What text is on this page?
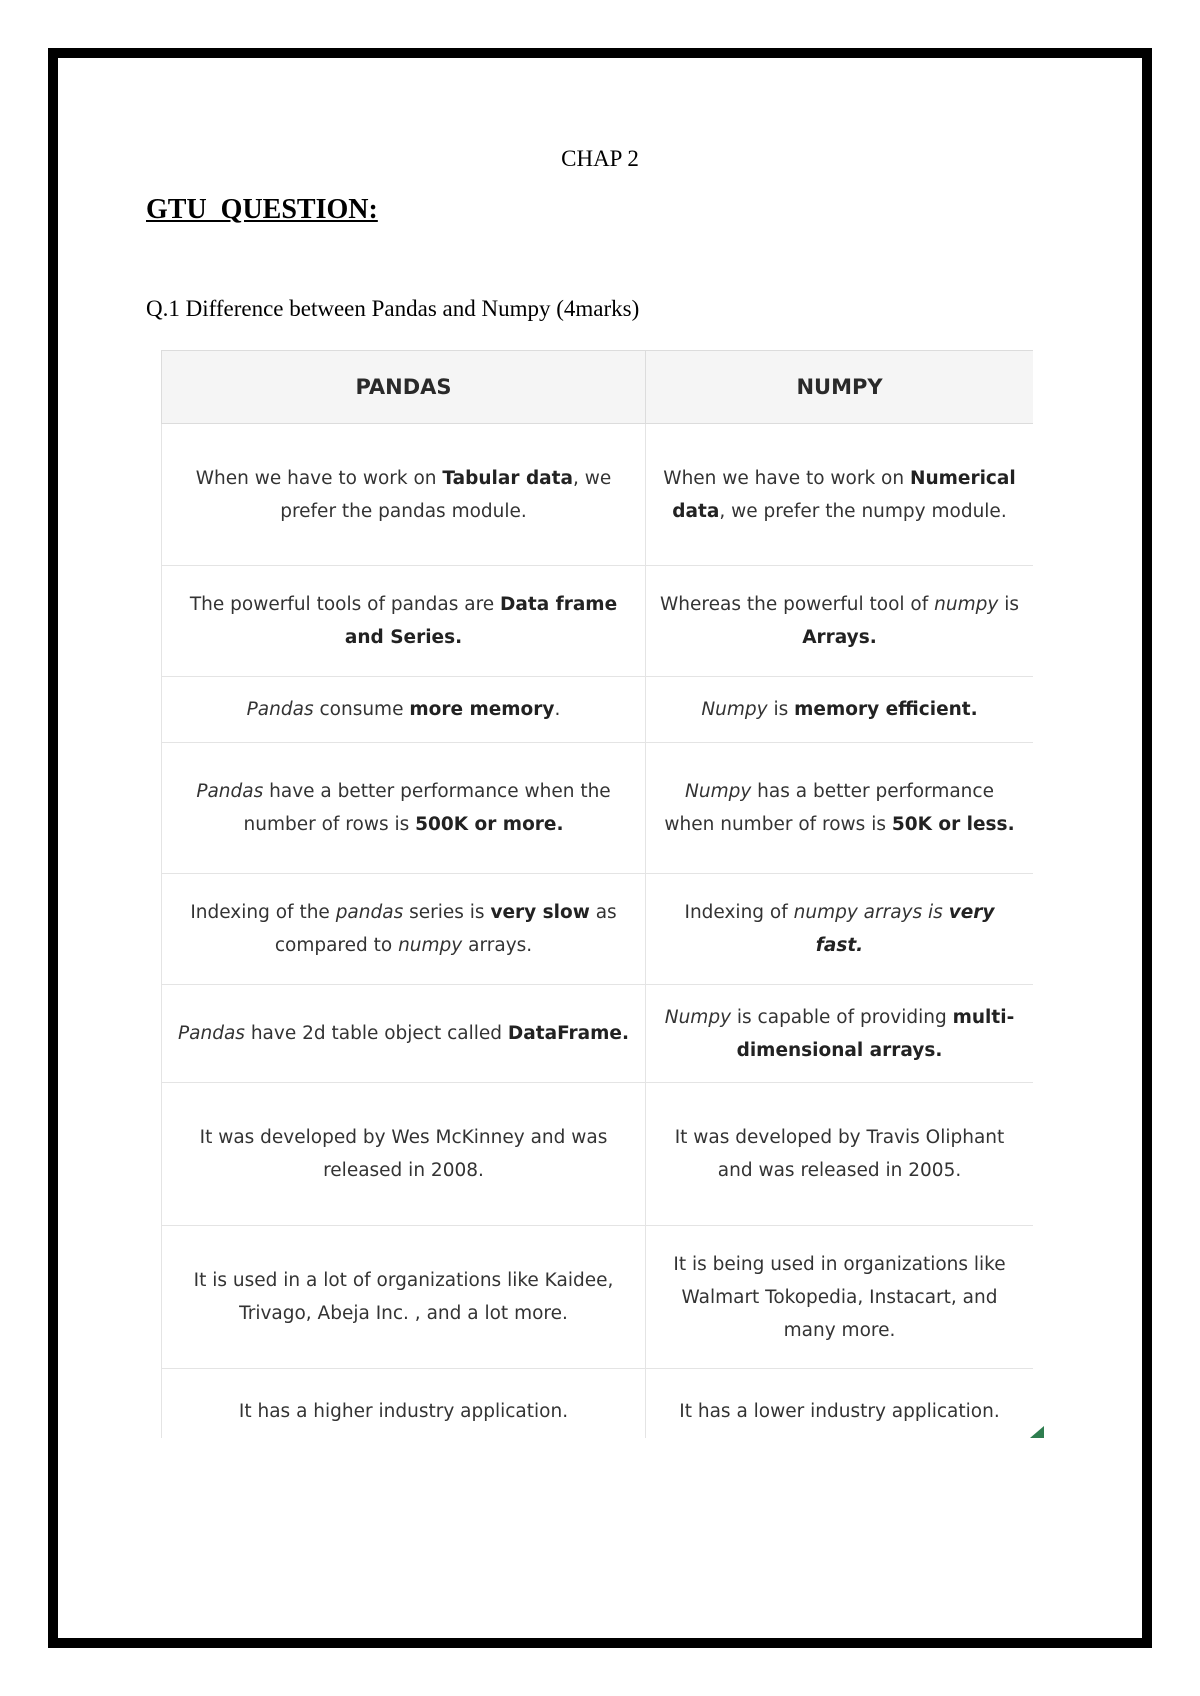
CHAP 2
GTU  QUESTION:
Q.1 Difference between Pandas and Numpy (4marks)
PANDAS	NUMPY
When we have to work on Tabular data, we prefer the pandas module.	When we have to work on Numerical data, we prefer the numpy module.
The powerful tools of pandas are Data frame and Series.	Whereas the powerful tool of numpy is Arrays.
Pandas consume more memory.	Numpy is memory efficient.
Pandas have a better performance when the number of rows is 500K or more.	Numpy has a better performance when number of rows is 50K or less.
Indexing of the pandas series is very slow as compared to numpy arrays.	Indexing of numpy arrays is very fast.
Pandas have 2d table object called DataFrame.	Numpy is capable of providing multi-dimensional arrays.
It was developed by Wes McKinney and was released in 2008.	It was developed by Travis Oliphant and was released in 2005.
It is used in a lot of organizations like Kaidee, Trivago, Abeja Inc. , and a lot more.	It is being used in organizations like Walmart Tokopedia, Instacart, and many more.
It has a higher industry application.	It has a lower industry application.
